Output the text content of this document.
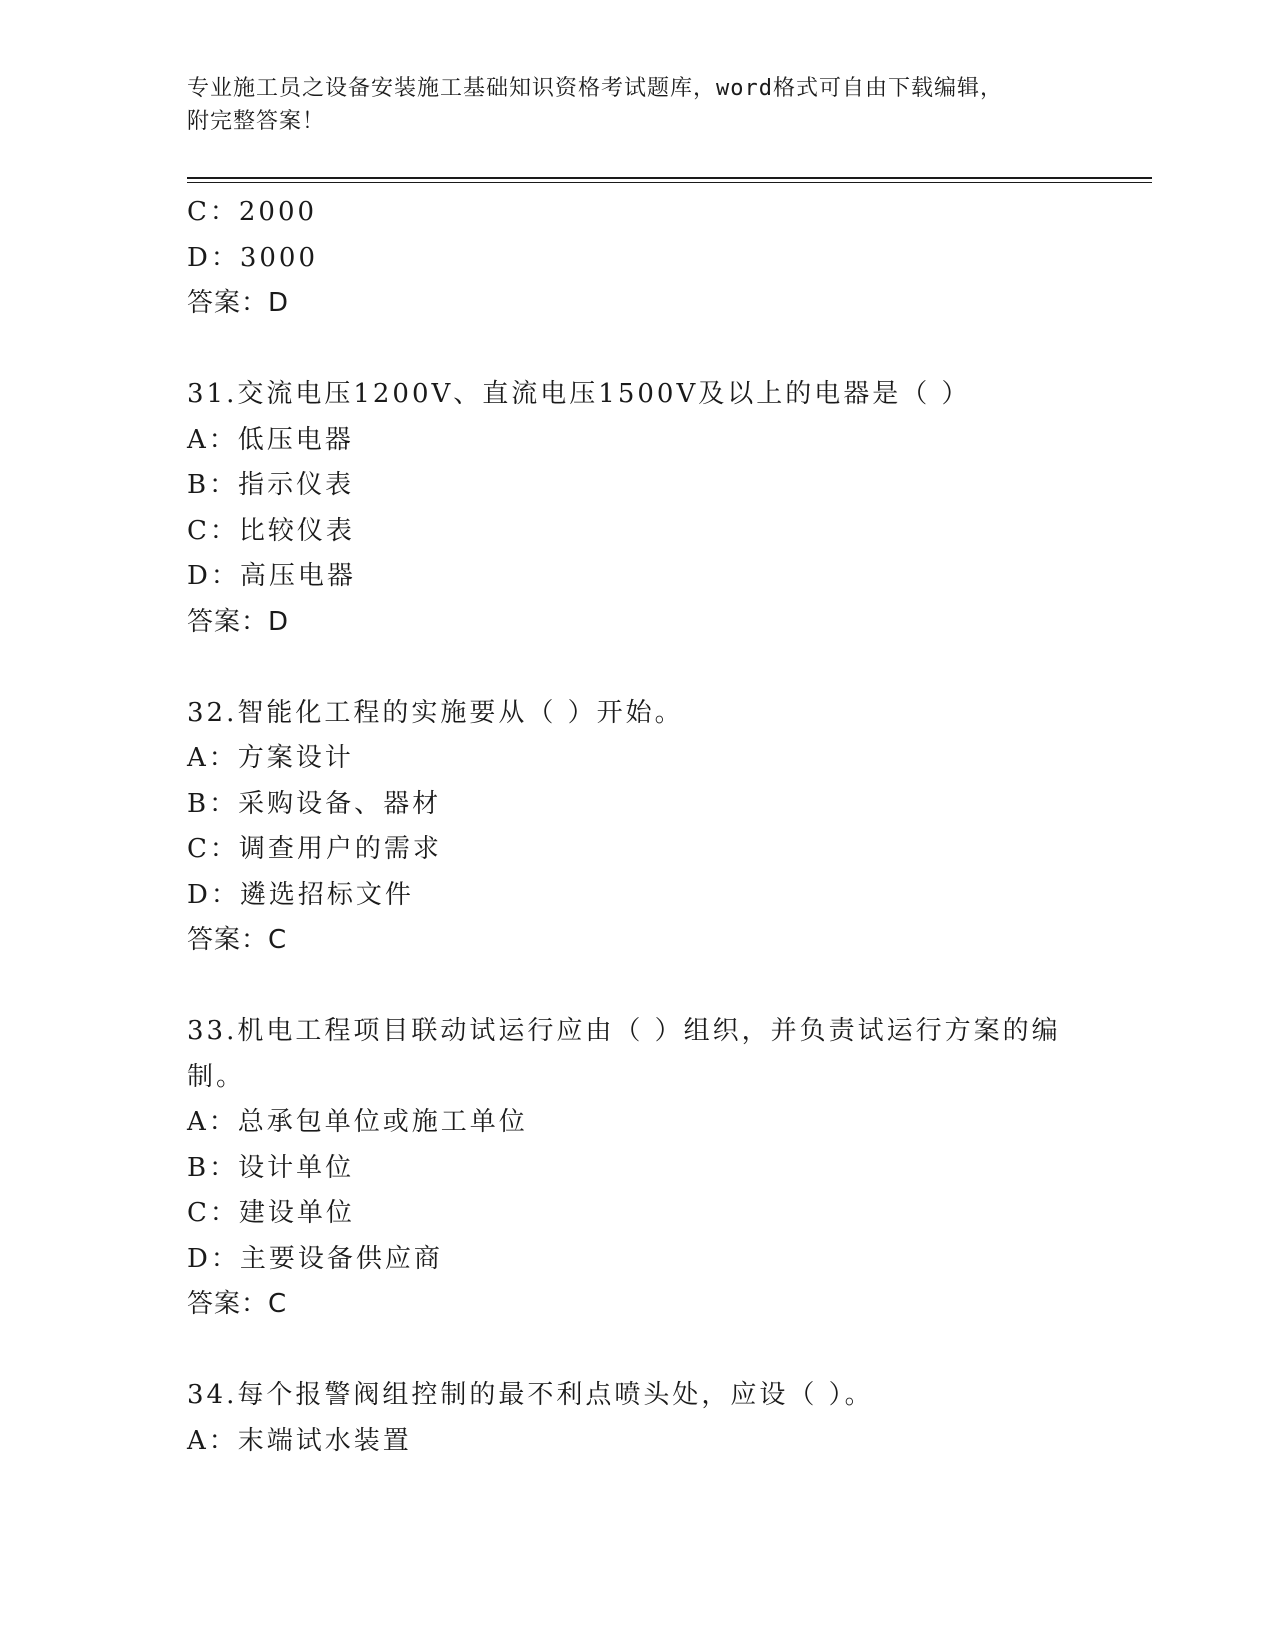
专业施工员之设备安装施工基础知识资格考试题库，word格式可自由下载编辑，
附完整答案！
C：2000
D：3000
答案：D
31.交流电压1200V、直流电压1500V及以上的电器是（ ）
A：低压电器
B：指示仪表
C：比较仪表
D：高压电器
答案：D
32.智能化工程的实施要从（ ）开始。
A：方案设计
B：采购设备、器材
C：调查用户的需求
D：遴选招标文件
答案：C
33.机电工程项目联动试运行应由（ ）组织，并负责试运行方案的编
制。
A：总承包单位或施工单位
B：设计单位
C：建设单位
D：主要设备供应商
答案：C
34.每个报警阀组控制的最不利点喷头处，应设（ ）。
A：末端试水装置
